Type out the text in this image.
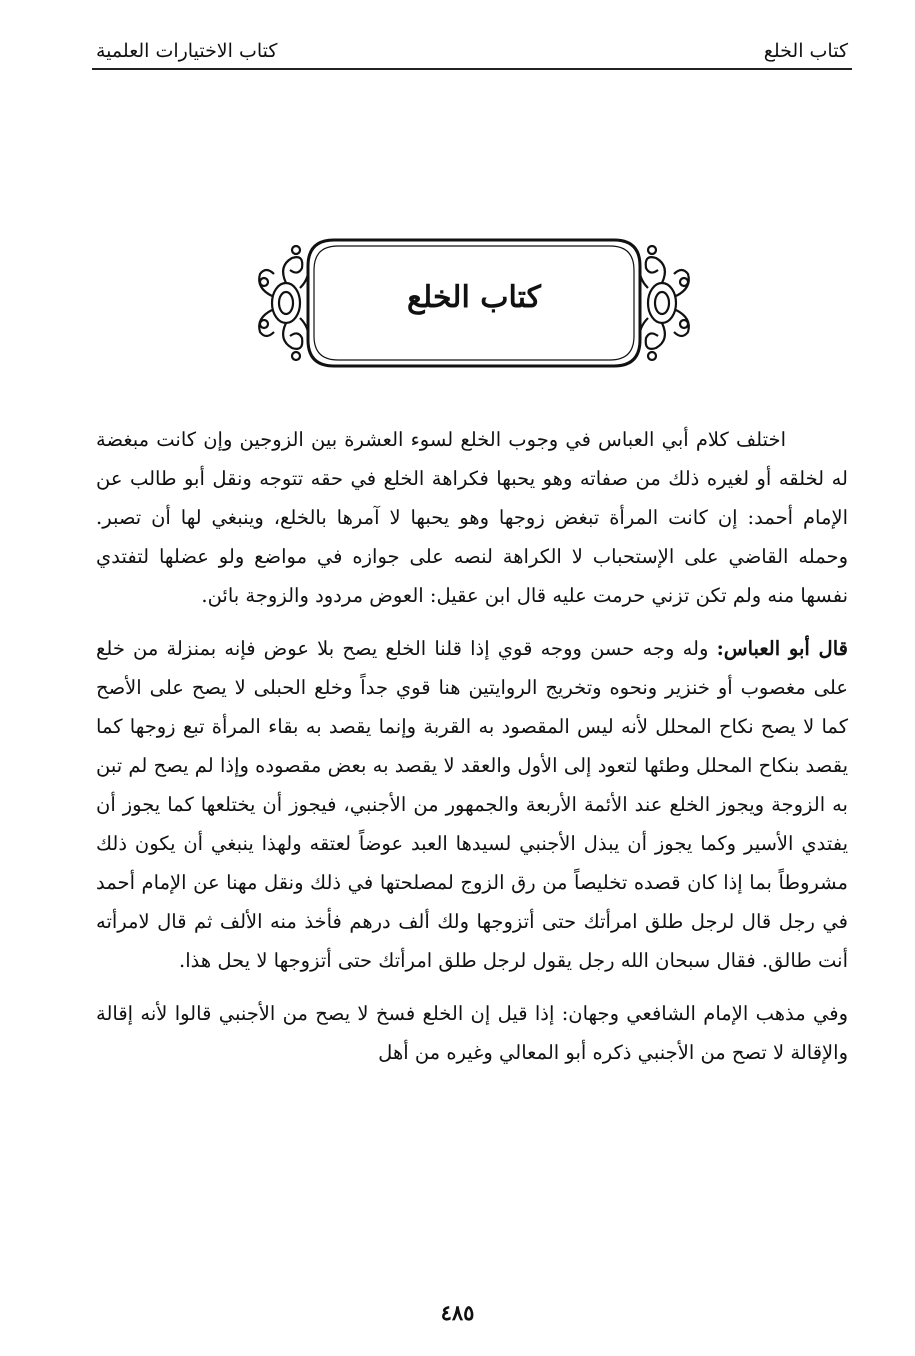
كتاب الخلع
كتاب الاختيارات العلمية
كتاب الخلع

اختلف كلام أبي العباس في وجوب الخلع لسوء العشرة بين الزوجين وإن كانت مبغضة له لخلقه أو لغيره ذلك من صفاته وهو يحبها فكراهة الخلع في حقه تتوجه ونقل أبو طالب عن الإمام أحمد: إن كانت المرأة تبغض زوجها وهو يحبها لا آمرها بالخلع، وينبغي لها أن تصبر. وحمله القاضي على الإستحباب لا الكراهة لنصه على جوازه في مواضع ولو عضلها لتفتدي نفسها منه ولم تكن تزني حرمت عليه قال ابن عقيل: العوض مردود والزوجة بائن.

قال أبو العباس: وله وجه حسن ووجه قوي إذا قلنا الخلع يصح بلا عوض فإنه بمنزلة من خلع على مغصوب أو خنزير ونحوه وتخريج الروايتين هنا قوي جداً وخلع الحبلى لا يصح على الأصح كما لا يصح نكاح المحلل لأنه ليس المقصود به القربة وإنما يقصد به بقاء المرأة تبع زوجها كما يقصد بنكاح المحلل وطئها لتعود إلى الأول والعقد لا يقصد به بعض مقصوده وإذا لم يصح لم تبن به الزوجة ويجوز الخلع عند الأئمة الأربعة والجمهور من الأجنبي، فيجوز أن يختلعها كما يجوز أن يفتدي الأسير وكما يجوز أن يبذل الأجنبي لسيدها العبد عوضاً لعتقه ولهذا ينبغي أن يكون ذلك مشروطاً بما إذا كان قصده تخليصاً من رق الزوج لمصلحتها في ذلك ونقل مهنا عن الإمام أحمد في رجل قال لرجل طلق امرأتك حتى أتزوجها ولك ألف درهم فأخذ منه الألف ثم قال لامرأته أنت طالق. فقال سبحان الله رجل يقول لرجل طلق امرأتك حتى أتزوجها لا يحل هذا.

وفي مذهب الإمام الشافعي وجهان: إذا قيل إن الخلع فسخ لا يصح من الأجنبي قالوا لأنه إقالة والإقالة لا تصح من الأجنبي ذكره أبو المعالي وغيره من أهل

٤٨٥
